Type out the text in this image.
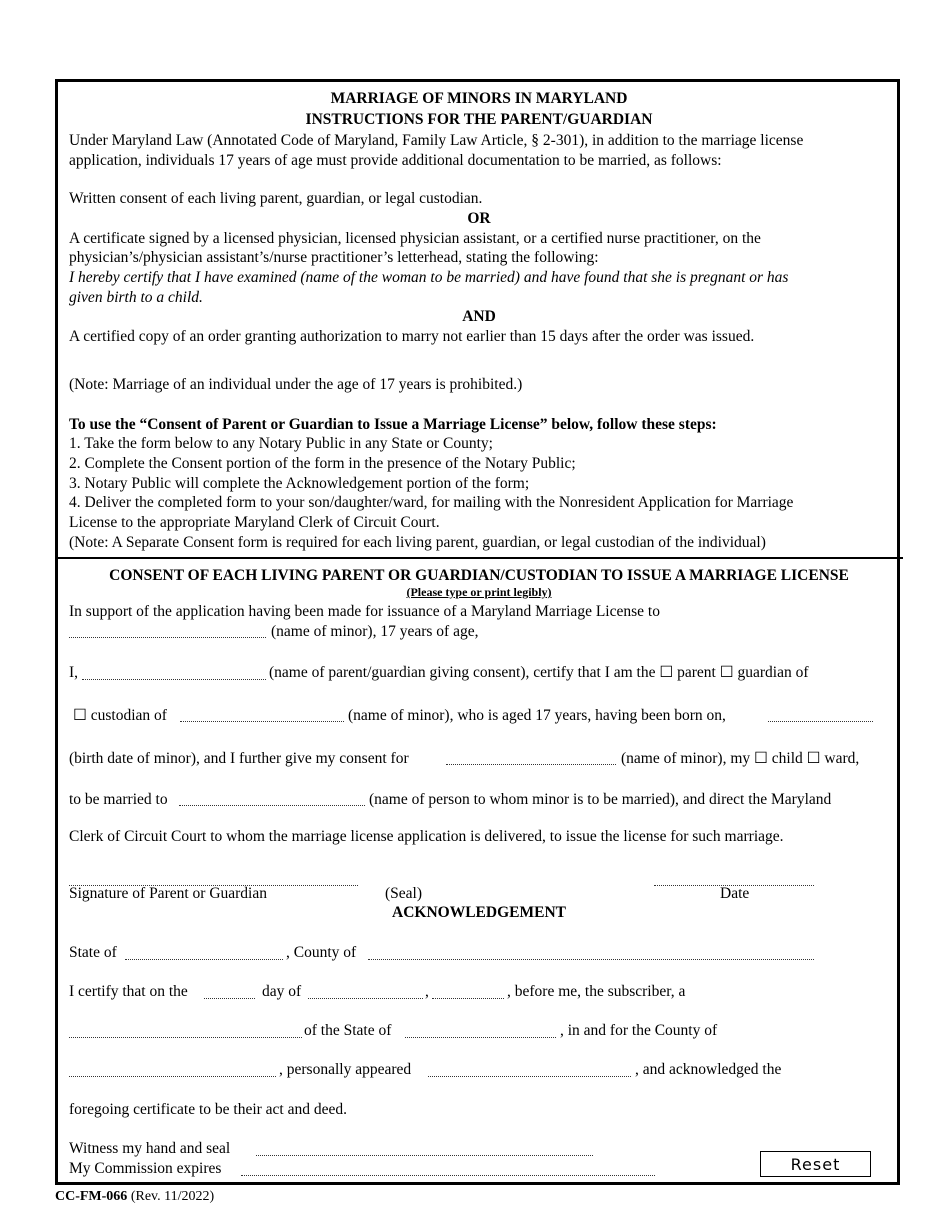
MARRIAGE OF MINORS IN MARYLAND
INSTRUCTIONS FOR THE PARENT/GUARDIAN
Under Maryland Law (Annotated Code of Maryland, Family Law Article, § 2-301), in addition to the marriage license
application, individuals 17 years of age must provide additional documentation to be married, as follows:
Written consent of each living parent, guardian, or legal custodian.
OR
A certificate signed by a licensed physician, licensed physician assistant, or a certified nurse practitioner, on the
physician’s/physician assistant’s/nurse practitioner’s letterhead, stating the following:
I hereby certify that I have examined (name of the woman to be married) and have found that she is pregnant or has
given birth to a child.
AND
A certified copy of an order granting authorization to marry not earlier than 15 days after the order was issued.
(Note: Marriage of an individual under the age of 17 years is prohibited.)
To use the “Consent of Parent or Guardian to Issue a Marriage License” below, follow these steps:
1. Take the form below to any Notary Public in any State or County;
2. Complete the Consent portion of the form in the presence of the Notary Public;
3. Notary Public will complete the Acknowledgement portion of the form;
4. Deliver the completed form to your son/daughter/ward, for mailing with the Nonresident Application for Marriage
License to the appropriate Maryland Clerk of Circuit Court.
(Note: A Separate Consent form is required for each living parent, guardian, or legal custodian of the individual)
CONSENT OF EACH LIVING PARENT OR GUARDIAN/CUSTODIAN TO ISSUE A MARRIAGE LICENSE
(Please type or print legibly)
In support of the application having been made for issuance of a Maryland Marriage License to
(name of minor), 17 years of age,
I,	(name of parent/guardian giving consent), certify that I am the ☐ parent ☐ guardian of
☐ custodian of	(name of minor), who is aged 17 years, having been born on,
(birth date of minor), and I further give my consent for	(name of minor), my ☐ child ☐ ward,
to be married to	(name of person to whom minor is to be married), and direct the Maryland
Clerk of Circuit Court to whom the marriage license application is delivered, to issue the license for such marriage.
Signature of Parent or Guardian	(Seal)	Date
ACKNOWLEDGEMENT
State of	, County of
I certify that on the	day of	,	, before me, the subscriber, a
of the State of	, in and for the County of
, personally appeared	, and acknowledged the
foregoing certificate to be their act and deed.
Witness my hand and seal
My Commission expires	Reset
CC-FM-066 (Rev. 11/2022)
